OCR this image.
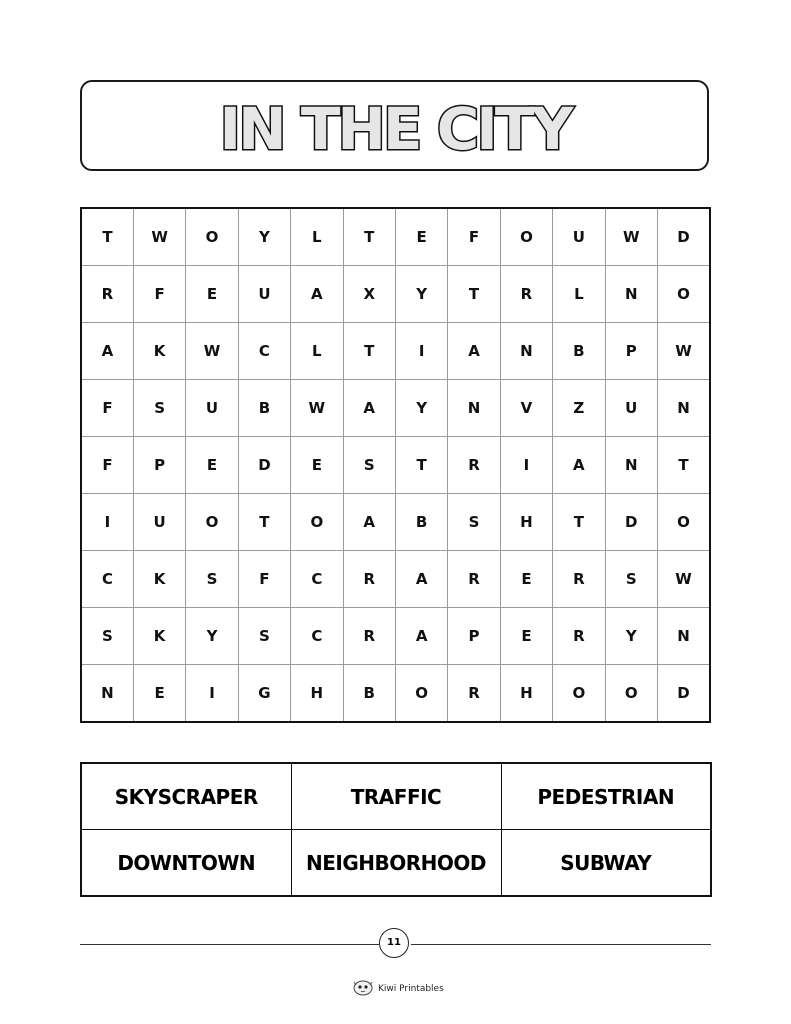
IN THE CITY
T	W	O	Y	L	T	E	F	O	U	W	D
R	F	E	U	A	X	Y	T	R	L	N	O
A	K	W	C	L	T	I	A	N	B	P	W
F	S	U	B	W	A	Y	N	V	Z	U	N
F	P	E	D	E	S	T	R	I	A	N	T
I	U	O	T	O	A	B	S	H	T	D	O
C	K	S	F	C	R	A	R	E	R	S	W
S	K	Y	S	C	R	A	P	E	R	Y	N
N	E	I	G	H	B	O	R	H	O	O	D
SKYSCRAPER	TRAFFIC	PEDESTRIAN
DOWNTOWN	NEIGHBORHOOD	SUBWAY
11
Kiwi Printables
